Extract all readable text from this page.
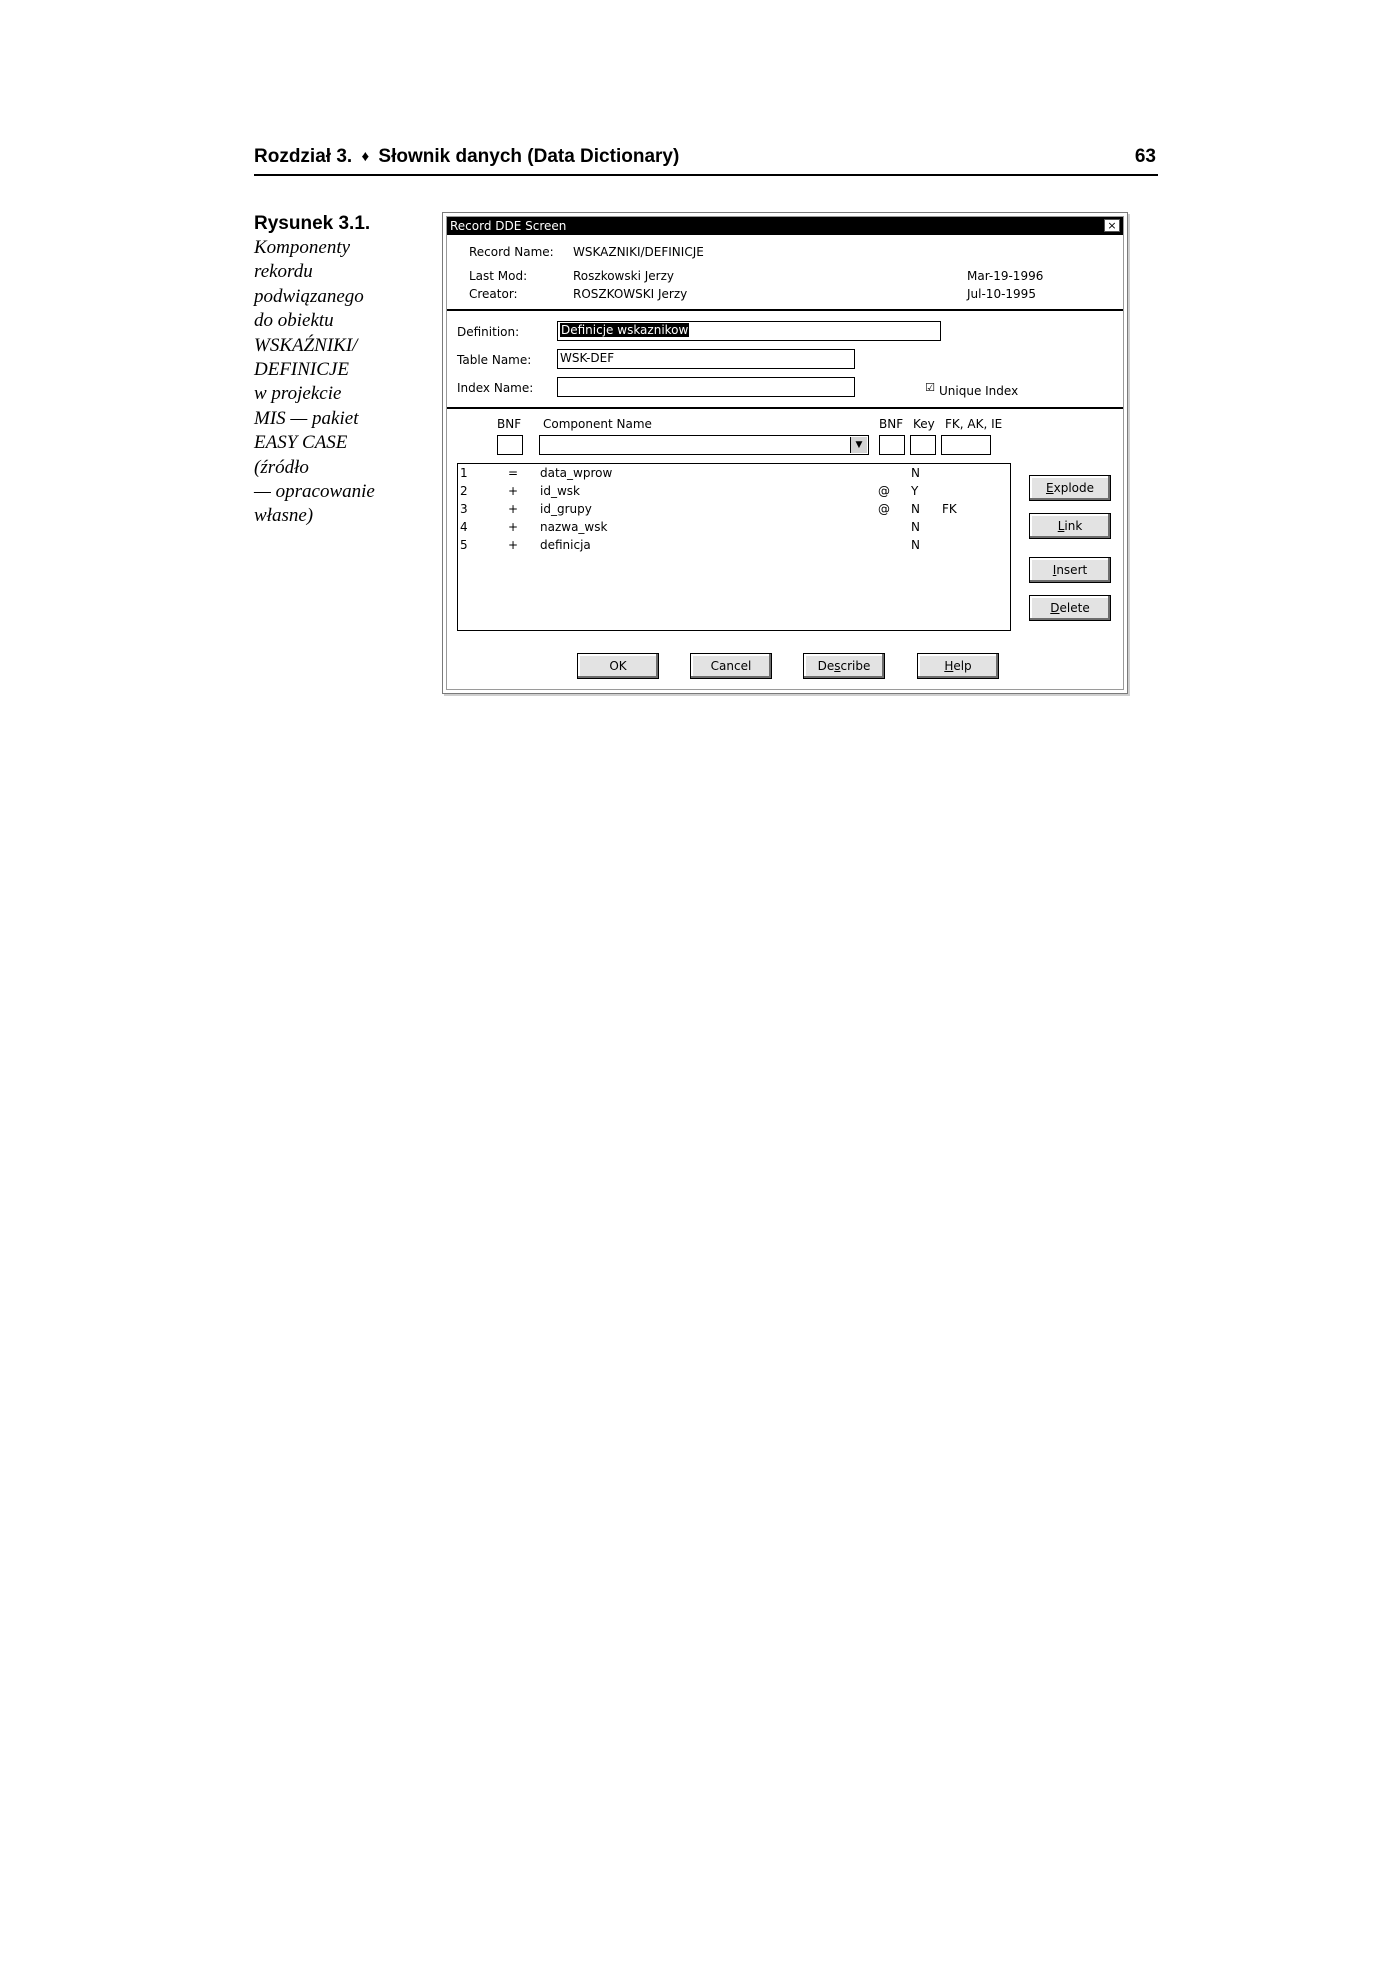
Rozdział 3. ♦ Słownik danych (Data Dictionary)	63
Rysunek 3.1.
Komponenty
rekordu
podwiązanego
do obiektu
WSKAŹNIKI/
DEFINICJE
w projekcie
MIS — pakiet
EASY CASE
(źródło
— opracowanie
własne)
Record DDE Screen	×
Record Name: WSKAZNIKI/DEFINICJE
Last Mod:	Roszkowski Jerzy	Mar-19-1996
Creator:	ROSZKOWSKI Jerzy	Jul-10-1995
Definition:	Definicje wskaznikow
Table Name: WSK-DEF
Index Name:	☑ Unique Index
BNF Component Name	BNF Key FK, AK, IE
▼
1	= data_wprow	N
2	+ id_wsk	@ Y
3	+ id_grupy	@ N FK
4	+ nazwa_wsk	N
5	+ definicja	N
Explode
Link
Insert
Delete
OK	Cancel	Describe	Help
